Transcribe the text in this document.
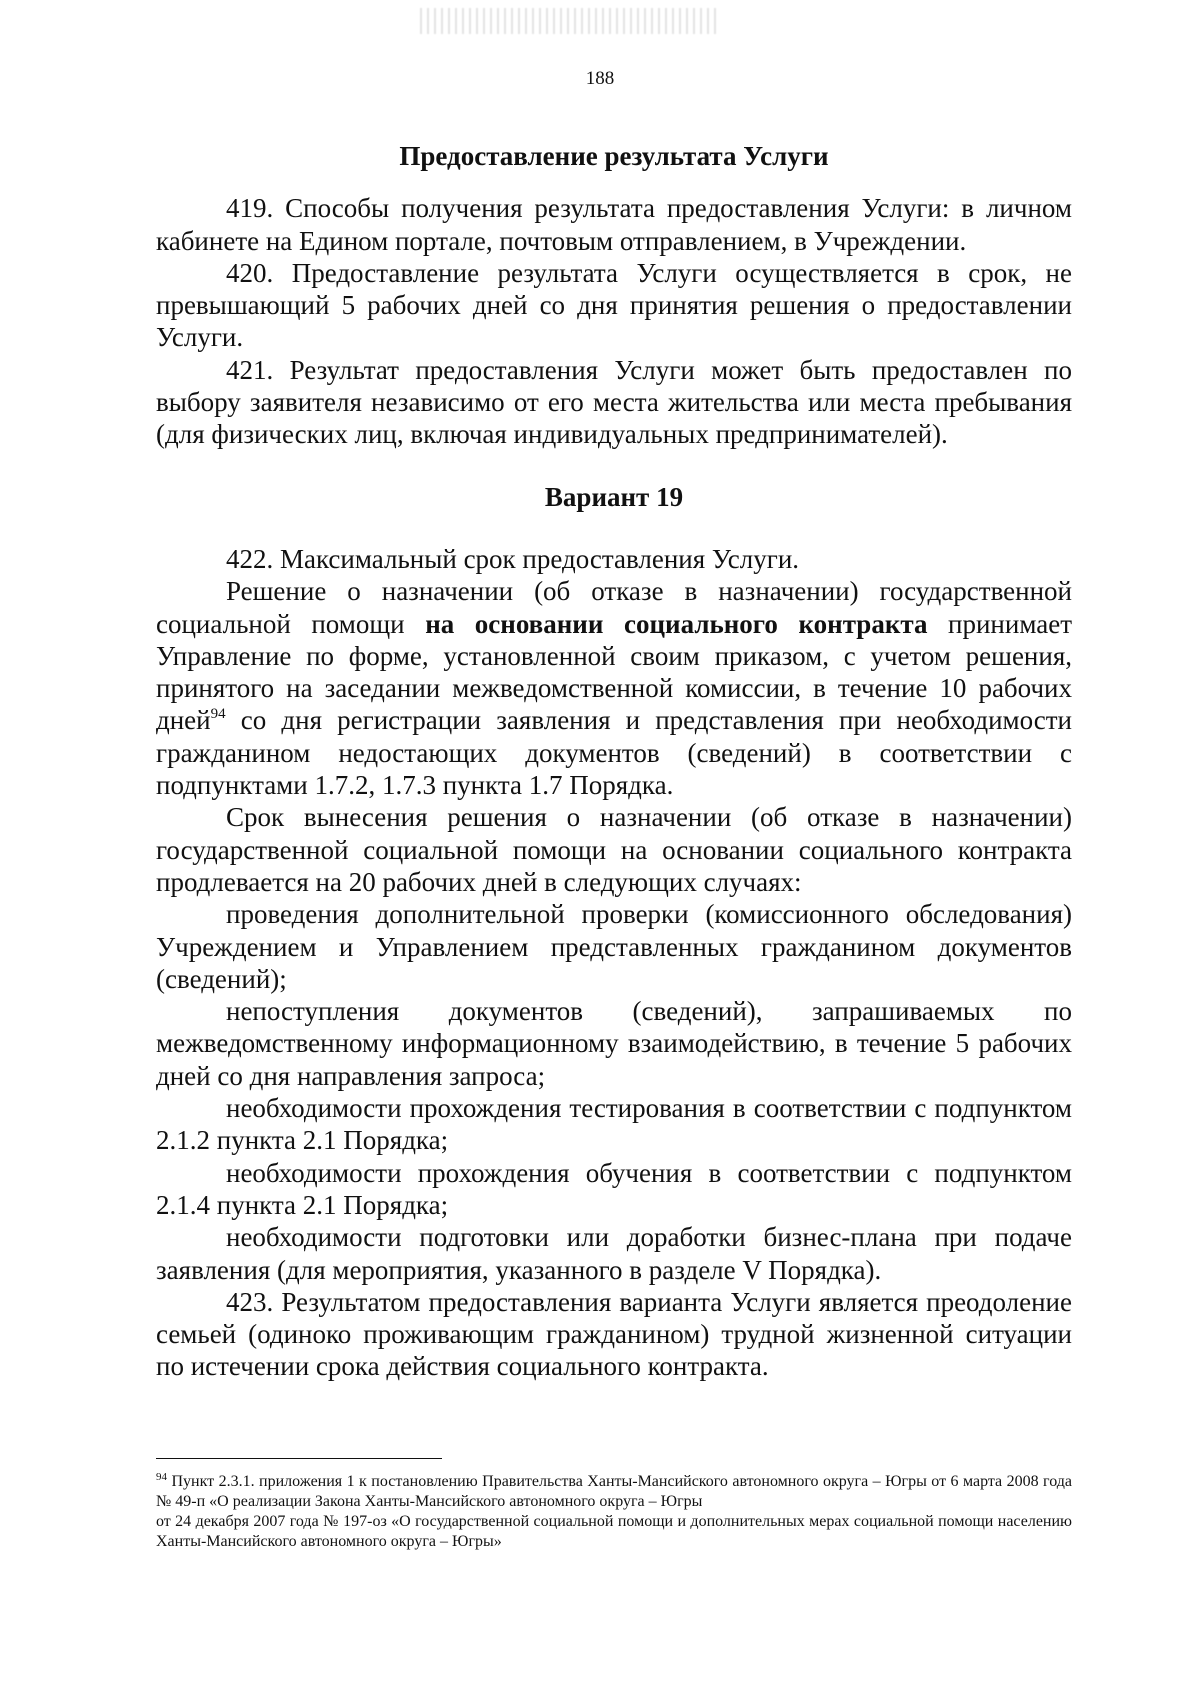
188
Предоставление результата Услуги

419. Способы получения результата предоставления Услуги: в личном кабинете на Едином портале, почтовым отправлением, в Учреждении.

420. Предоставление результата Услуги осуществляется в срок, не превышающий 5 рабочих дней со дня принятия решения о предоставлении Услуги.

421. Результат предоставления Услуги может быть предоставлен по выбору заявителя независимо от его места жительства или места пребывания (для физических лиц, включая индивидуальных предпринимателей).

Вариант 19

422. Максимальный срок предоставления Услуги.

Решение о назначении (об отказе в назначении) государственной социальной помощи на основании социального контракта принимает Управление по форме, установленной своим приказом, с учетом решения, принятого на заседании межведомственной комиссии, в течение 10 рабочих дней$^{94}$ со дня регистрации заявления и представления при необходимости гражданином недостающих документов (сведений) в соответствии с подпунктами 1.7.2, 1.7.3 пункта 1.7 Порядка.

Срок вынесения решения о назначении (об отказе в назначении) государственной социальной помощи на основании социального контракта продлевается на 20 рабочих дней в следующих случаях:

проведения дополнительной проверки (комиссионного обследования) Учреждением и Управлением представленных гражданином документов (сведений);

непоступления документов (сведений), запрашиваемых по межведомственному информационному взаимодействию, в течение 5 рабочих дней со дня направления запроса;

необходимости прохождения тестирования в соответствии с подпунктом 2.1.2 пункта 2.1 Порядка;

необходимости прохождения обучения в соответствии с подпунктом 2.1.4 пункта 2.1 Порядка;

необходимости подготовки или доработки бизнес-плана при подаче заявления (для мероприятия, указанного в разделе V Порядка).

423. Результатом предоставления варианта Услуги является преодоление семьей (одиноко проживающим гражданином) трудной жизненной ситуации по истечении срока действия социального контракта.

$^{94}$ Пункт 2.3.1. приложения 1 к постановлению Правительства Ханты-Мансийского автономного округа – Югры от 6 марта 2008 года № 49-п «О реализации Закона Ханты-Мансийского автономного округа – Югры

от 24 декабря 2007 года № 197-оз «О государственной социальной помощи и дополнительных мерах социальной помощи населению Ханты-Мансийского автономного округа – Югры»
